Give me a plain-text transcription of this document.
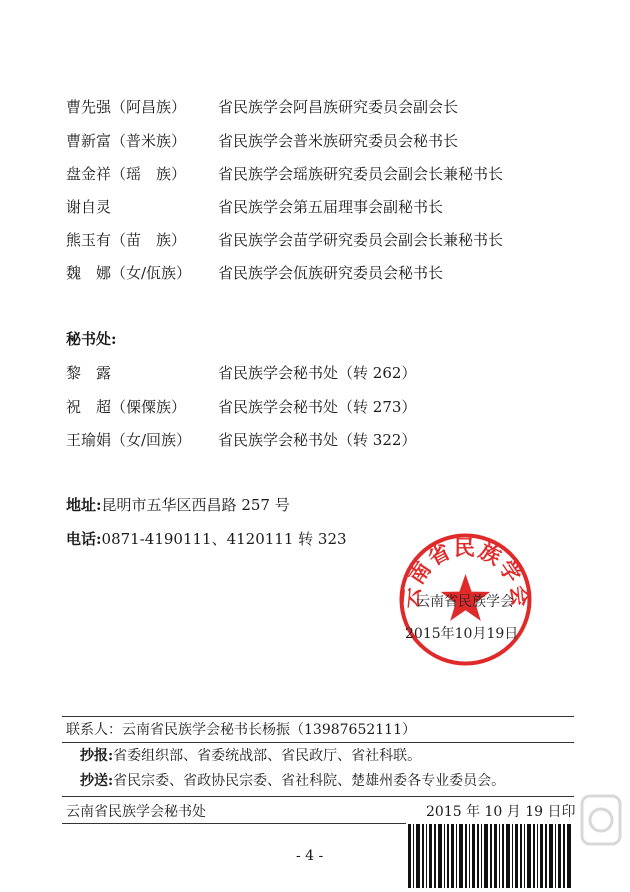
曹先强（阿昌族） 省民族学会阿昌族研究委员会副会长
曹新富（普米族） 省民族学会普米族研究委员会秘书长
盘金祥（瑶　族） 省民族学会瑶族研究委员会副会长兼秘书长
谢自灵	省民族学会第五届理事会副秘书长
熊玉有（苗　族） 省民族学会苗学研究委员会副会长兼秘书长
魏　娜（女/佤族） 省民族学会佤族研究委员会秘书长
秘书处:
黎　露	省民族学会秘书处（转 262）
祝　超（傈僳族） 省民族学会秘书处（转 273）
王瑜娟（女/回族） 省民族学会秘书处（转 322）
地址:昆明市五华区西昌路 257 号
电话:0871-4190111、4120111 转 323
云南省民族学会
云南省民族学会
2015年10月19日
联系人：云南省民族学会秘书长杨振（13987652111）
抄报:省委组织部、省委统战部、省民政厅、省社科联。
抄送:省民宗委、省政协民宗委、省社科院、楚雄州委各专业委员会。
云南省民族学会秘书处	2015 年 10 月 19 日印
- 4 -
